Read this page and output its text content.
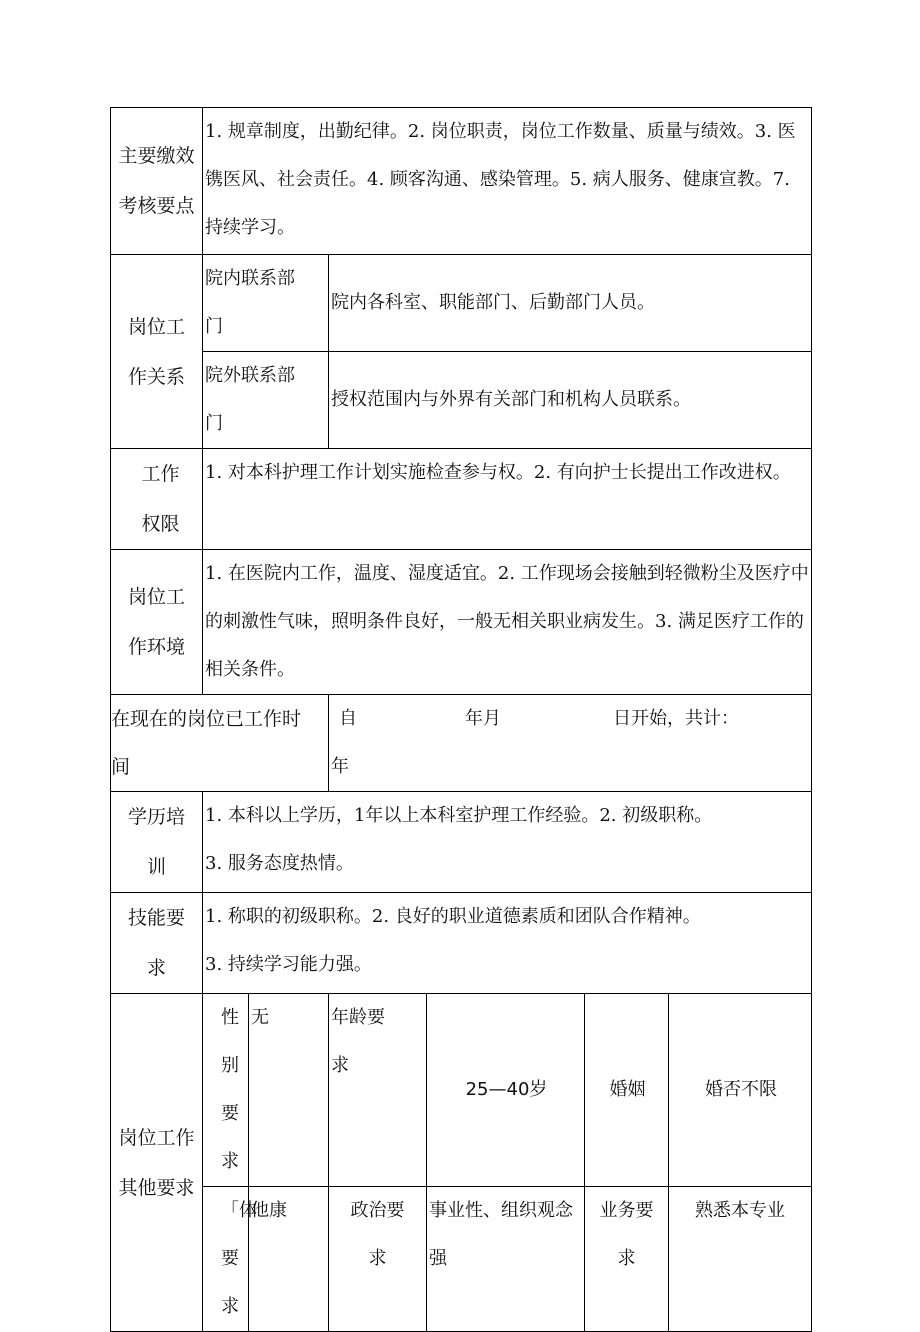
主要缴效考核要点	1. 规章制度，出勤纪律。2. 岗位职责，岗位工作数量、质量与绩效。3. 医镌医风、社会责任。4. 顾客沟通、感染管理。5. 病人服务、健康宣教。7. 持续学习。					
岗位工作关系	院内联系部门		院内各科室、职能部门、后勤部门人员。			
	院外联系部门		授权范围内与外界有关部门和机构人员联系。			
工作权限	1. 对本科护理工作计划实施检查参与权。2. 有向护士长提出工作改进权。					
岗位工作环境	1. 在医院内工作，温度、湿度适宜。2. 工作现场会接触到轻微粉尘及医疗中的刺激性气味，照明条件良好，一般无相关职业病发生。3. 满足医疗工作的相关条件。					
在现在的岗位已工作时间			自 年月 日开始，共计：
年			

学历培训	1. 本科以上学历，1年以上本科室护理工作经验。2. 初级职称。
3. 服务态度热情。					

技能要求	1. 称职的初级职称。2. 良好的职业道德素质和团队合作精神。
3. 持续学习能力强。					

岗位工作其他要求	性别要求	无	年龄要求	25—40岁	婚姻	婚否不限
	「体要求	他康	政治要求	事业性、组织观念强	业务要求	熟悉本专业
